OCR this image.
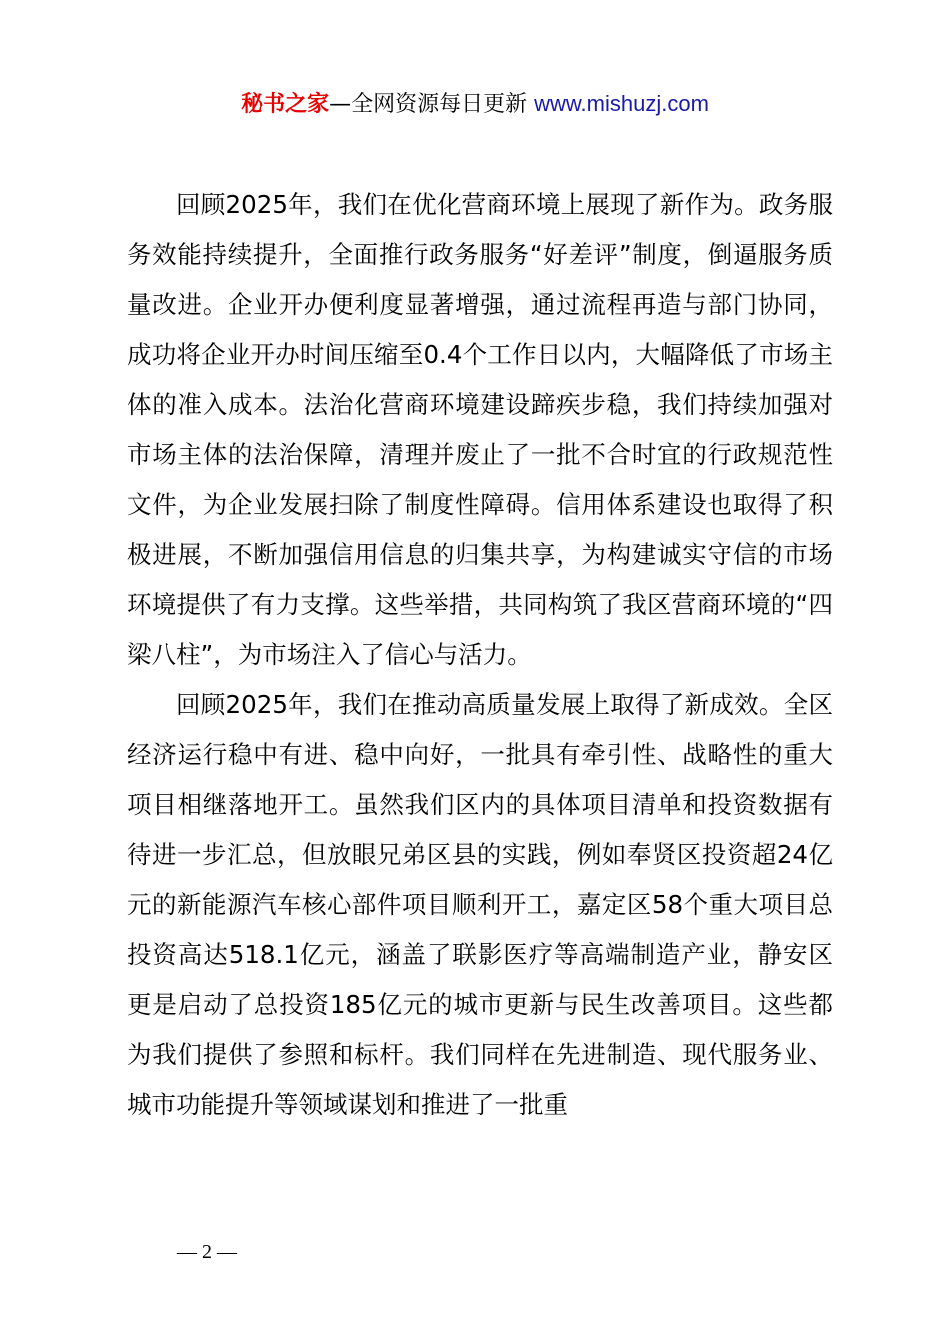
秘书之家—全网资源每日更新 www.mishuzj.com

回顾2025年，我们在优化营商环境上展现了新作为。政务服务效能持续提升，全面推行政务服务“好差评”制度，倒逼服务质量改进。企业开办便利度显著增强，通过流程再造与部门协同，成功将企业开办时间压缩至0.4个工作日以内，大幅降低了市场主体的准入成本。法治化营商环境建设蹄疾步稳，我们持续加强对市场主体的法治保障，清理并废止了一批不合时宜的行政规范性文件，为企业发展扫除了制度性障碍。信用体系建设也取得了积极进展，不断加强信用信息的归集共享，为构建诚实守信的市场环境提供了有力支撑。这些举措，共同构筑了我区营商环境的“四梁八柱”，为市场注入了信心与活力。

回顾2025年，我们在推动高质量发展上取得了新成效。全区经济运行稳中有进、稳中向好，一批具有牵引性、战略性的重大项目相继落地开工。虽然我们区内的具体项目清单和投资数据有待进一步汇总，但放眼兄弟区县的实践，例如奉贤区投资超24亿元的新能源汽车核心部件项目顺利开工，嘉定区58个重大项目总投资高达518.1亿元，涵盖了联影医疗等高端制造产业，静安区更是启动了总投资185亿元的城市更新与民生改善项目。这些都为我们提供了参照和标杆。我们同样在先进制造、现代服务业、城市功能提升等领域谋划和推进了一批重

— 2 —
